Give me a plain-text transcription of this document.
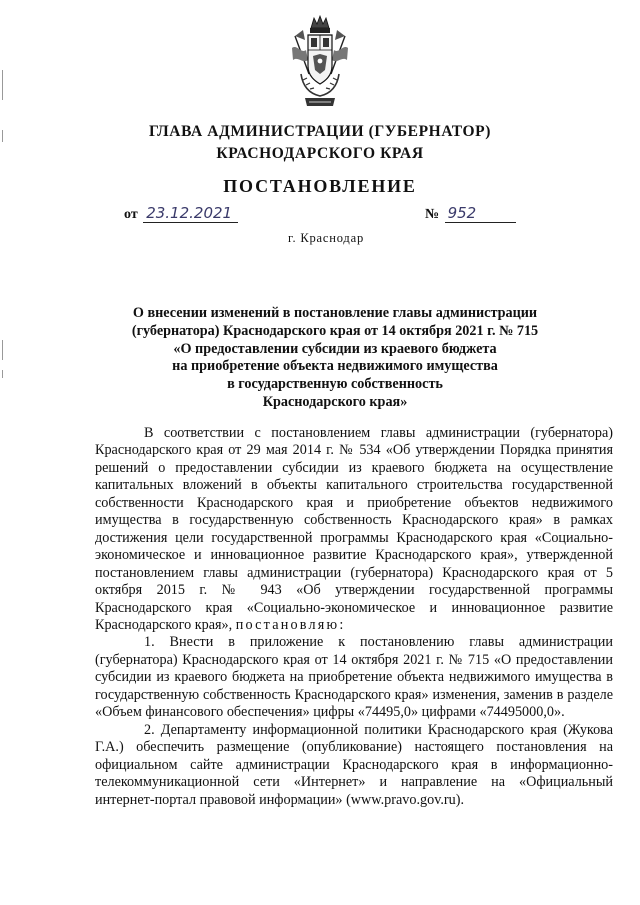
ГЛАВА АДМИНИСТРАЦИИ (ГУБЕРНАТОР)
КРАСНОДАРСКОГО КРАЯ
ПОСТАНОВЛЕНИЕ
от 23.12.2021	№ 952
г. Краснодар
О внесении изменений в постановление главы администрации
(губернатора) Краснодарского края от 14 октября 2021 г. № 715
«О предоставлении субсидии из краевого бюджета
на приобретение объекта недвижимого имущества
в государственную собственность
Краснодарского края»

В соответствии с постановлением главы администрации (губернатора) Краснодарского края от 29 мая 2014 г. № 534 «Об утверждении Порядка принятия решений о предоставлении субсидии из краевого бюджета на осуществление капитальных вложений в объекты капитального строительства государственной собственности Краснодарского края и приобретение объектов недвижимого имущества в государственную собственность Краснодарского края» в рамках достижения цели государственной программы Краснодарского края «Социально-экономическое и инновационное развитие Краснодарского края», утвержденной постановлением главы администрации (губернатора) Краснодарского края от 5 октября 2015 г. № 943 «Об утверждении государственной программы Краснодарского края «Социально-экономическое и инновационное развитие Краснодарского края», постановляю:

1. Внести в приложение к постановлению главы администрации (губернатора) Краснодарского края от 14 октября 2021 г. № 715 «О предоставлении субсидии из краевого бюджета на приобретение объекта недвижимого имущества в государственную собственность Краснодарского края» изменения, заменив в разделе «Объем финансового обеспечения» цифры «74495,0» цифрами «74495000,0».

2. Департаменту информационной политики Краснодарского края (Жукова Г.А.) обеспечить размещение (опубликование) настоящего постановления на официальном сайте администрации Краснодарского края в информационно-телекоммуникационной сети «Интернет» и направление на «Официальный интернет-портал правовой информации» (www.pravo.gov.ru).
